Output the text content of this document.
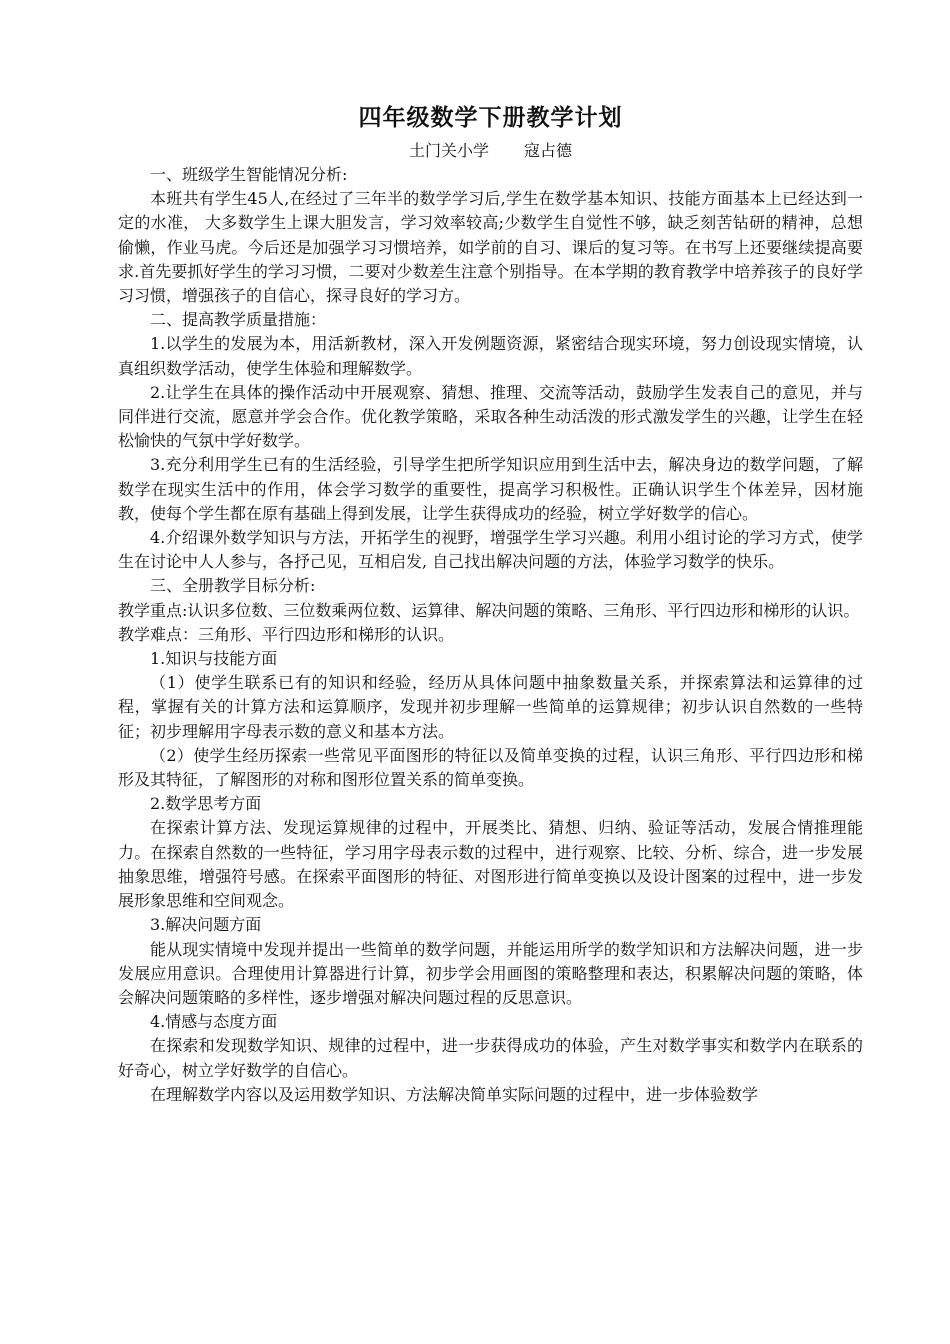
四年级数学下册教学计划
土门关小学 寇占德

一、班级学生智能情况分析:

本班共有学生45人,在经过了三年半的数学学习后,学生在数学基本知识、技能方面基本上已经达到一定的水准， 大多数学生上课大胆发言，学习效率较高;少数学生自觉性不够，缺乏刻苦钻研的精神，总想偷懒，作业马虎。今后还是加强学习习惯培养，如学前的自习、课后的复习等。在书写上还要继续提高要求.首先要抓好学生的学习习惯，二要对少数差生注意个别指导。在本学期的教育教学中培养孩子的良好学习习惯，增强孩子的自信心，探寻良好的学习方。

二、提高教学质量措施：

1.以学生的发展为本，用活新教材，深入开发例题资源，紧密结合现实环境，努力创设现实情境，认真组织数学活动，使学生体验和理解数学。

2.让学生在具体的操作活动中开展观察、猜想、推理、交流等活动，鼓励学生发表自己的意见，并与同伴进行交流，愿意并学会合作。优化教学策略，采取各种生动活泼的形式激发学生的兴趣，让学生在轻松愉快的气氛中学好数学。

3.充分利用学生已有的生活经验，引导学生把所学知识应用到生活中去，解决身边的数学问题，了解数学在现实生活中的作用，体会学习数学的重要性，提高学习积极性。正确认识学生个体差异，因材施教，使每个学生都在原有基础上得到发展，让学生获得成功的经验，树立学好数学的信心。

4.介绍课外数学知识与方法，开拓学生的视野，增强学生学习兴趣。利用小组讨论的学习方式，使学生在讨论中人人参与，各抒己见，互相启发, 自己找出解决问题的方法，体验学习数学的快乐。

三、全册教学目标分析:

教学重点:认识多位数、三位数乘两位数、运算律、解决问题的策略、三角形、平行四边形和梯形的认识。

教学难点：三角形、平行四边形和梯形的认识。

1.知识与技能方面

（1）使学生联系已有的知识和经验，经历从具体问题中抽象数量关系，并探索算法和运算律的过程，掌握有关的计算方法和运算顺序，发现并初步理解一些简单的运算规律；初步认识自然数的一些特征；初步理解用字母表示数的意义和基本方法。

（2）使学生经历探索一些常见平面图形的特征以及简单变换的过程，认识三角形、平行四边形和梯形及其特征，了解图形的对称和图形位置关系的简单变换。

2.数学思考方面

在探索计算方法、发现运算规律的过程中，开展类比、猜想、归纳、验证等活动，发展合情推理能力。在探索自然数的一些特征，学习用字母表示数的过程中，进行观察、比较、分析、综合，进一步发展抽象思维，增强符号感。在探索平面图形的特征、对图形进行简单变换以及设计图案的过程中，进一步发展形象思维和空间观念。

3.解决问题方面

能从现实情境中发现并提出一些简单的数学问题，并能运用所学的数学知识和方法解决问题，进一步发展应用意识。合理使用计算器进行计算，初步学会用画图的策略整理和表达，积累解决问题的策略，体会解决问题策略的多样性，逐步增强对解决问题过程的反思意识。

4.情感与态度方面

在探索和发现数学知识、规律的过程中，进一步获得成功的体验，产生对数学事实和数学内在联系的好奇心，树立学好数学的自信心。

在理解数学内容以及运用数学知识、方法解决简单实际问题的过程中，进一步体验数学
